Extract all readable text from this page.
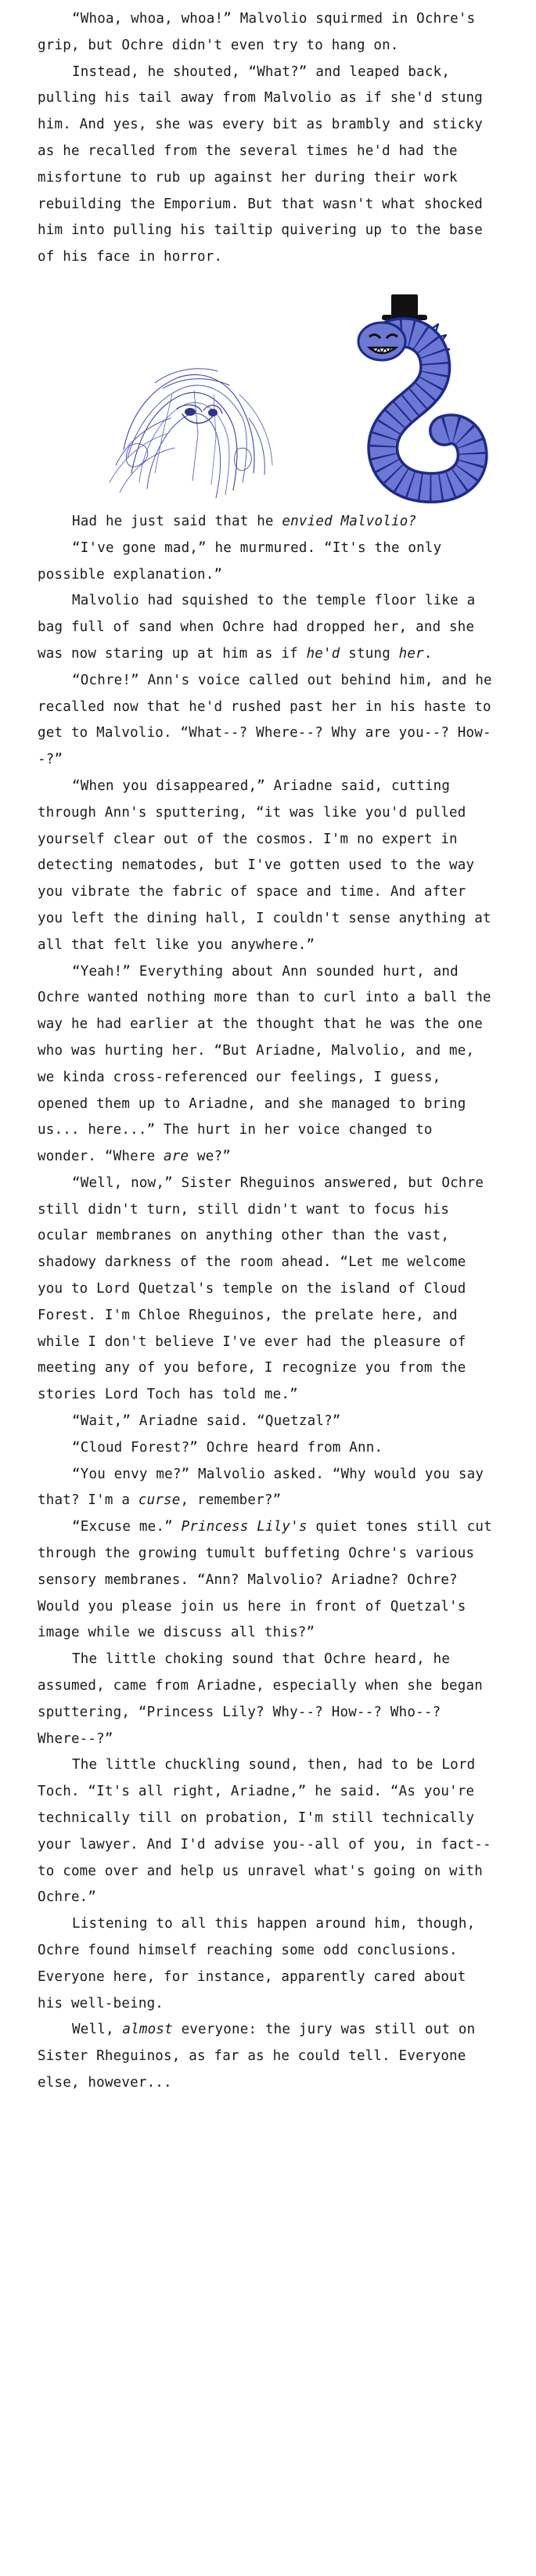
“Whoa, whoa, whoa!” Malvolio squirmed in Ochre's grip, but Ochre didn't even try to hang on.

Instead, he shouted, “What?” and leaped back, pulling his tail away from Malvolio as if she'd stung him. And yes, she was every bit as brambly and sticky as he recalled from the several times he'd had the misfortune to rub up against her during their work rebuilding the Emporium. But that wasn't what shocked him into pulling his tailtip quivering up to the base of his face in horror.

Had he just said that he envied Malvolio?

“I've gone mad,” he murmured. “It's the only possible explanation.”

Malvolio had squished to the temple floor like a bag full of sand when Ochre had dropped her, and she was now staring up at him as if he'd stung her.

“Ochre!” Ann's voice called out behind him, and he recalled now that he'd rushed past her in his haste to get to Malvolio. “What--? Where--? Why are you--? How--?”

“When you disappeared,” Ariadne said, cutting through Ann's sputtering, “it was like you'd pulled yourself clear out of the cosmos. I'm no expert in detecting nematodes, but I've gotten used to the way you vibrate the fabric of space and time. And after you left the dining hall, I couldn't sense anything at all that felt like you anywhere.”

“Yeah!” Everything about Ann sounded hurt, and Ochre wanted nothing more than to curl into a ball the way he had earlier at the thought that he was the one who was hurting her. “But Ariadne, Malvolio, and me, we kinda cross-referenced our feelings, I guess, opened them up to Ariadne, and she managed to bring us... here...” The hurt in her voice changed to wonder. “Where are we?”

“Well, now,” Sister Rheguinos answered, but Ochre still didn't turn, still didn't want to focus his ocular membranes on anything other than the vast, shadowy darkness of the room ahead. “Let me welcome you to Lord Quetzal's temple on the island of Cloud Forest. I'm Chloe Rheguinos, the prelate here, and while I don't believe I've ever had the pleasure of meeting any of you before, I recognize you from the stories Lord Toch has told me.”

“Wait,” Ariadne said. “Quetzal?”

“Cloud Forest?” Ochre heard from Ann.

“You envy me?” Malvolio asked. “Why would you say that? I'm a curse, remember?”

“Excuse me.” Princess Lily's quiet tones still cut through the growing tumult buffeting Ochre's various sensory membranes. “Ann? Malvolio? Ariadne? Ochre? Would you please join us here in front of Quetzal's image while we discuss all this?”

The little choking sound that Ochre heard, he assumed, came from Ariadne, especially when she began sputtering, “Princess Lily? Why--? How--? Who--? Where--?”

The little chuckling sound, then, had to be Lord Toch. “It's all right, Ariadne,” he said. “As you're technically till on probation, I'm still technically your lawyer. And I'd advise you--all of you, in fact--to come over and help us unravel what's going on with Ochre.”

Listening to all this happen around him, though, Ochre found himself reaching some odd conclusions. Everyone here, for instance, apparently cared about his well-being.

Well, almost everyone: the jury was still out on Sister Rheguinos, as far as he could tell. Everyone else, however...
